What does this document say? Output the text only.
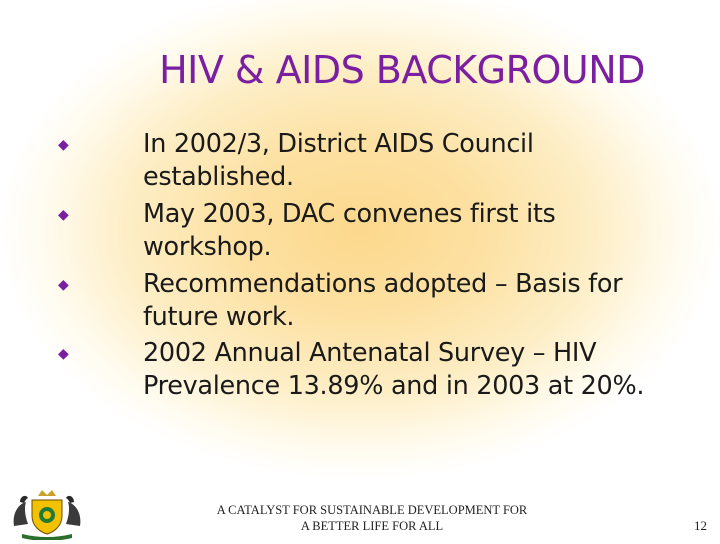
HIV & AIDS BACKGROUND
◆	In 2002/3, District AIDS Council
established.
◆	May 2003, DAC convenes first its
workshop.
◆	Recommendations adopted – Basis for
future work.
◆	2002 Annual Antenatal Survey – HIV
Prevalence 13.89% and in 2003 at 20%.
A CATALYST FOR SUSTAINABLE DEVELOPMENT FOR
A BETTER LIFE FOR ALL	12
